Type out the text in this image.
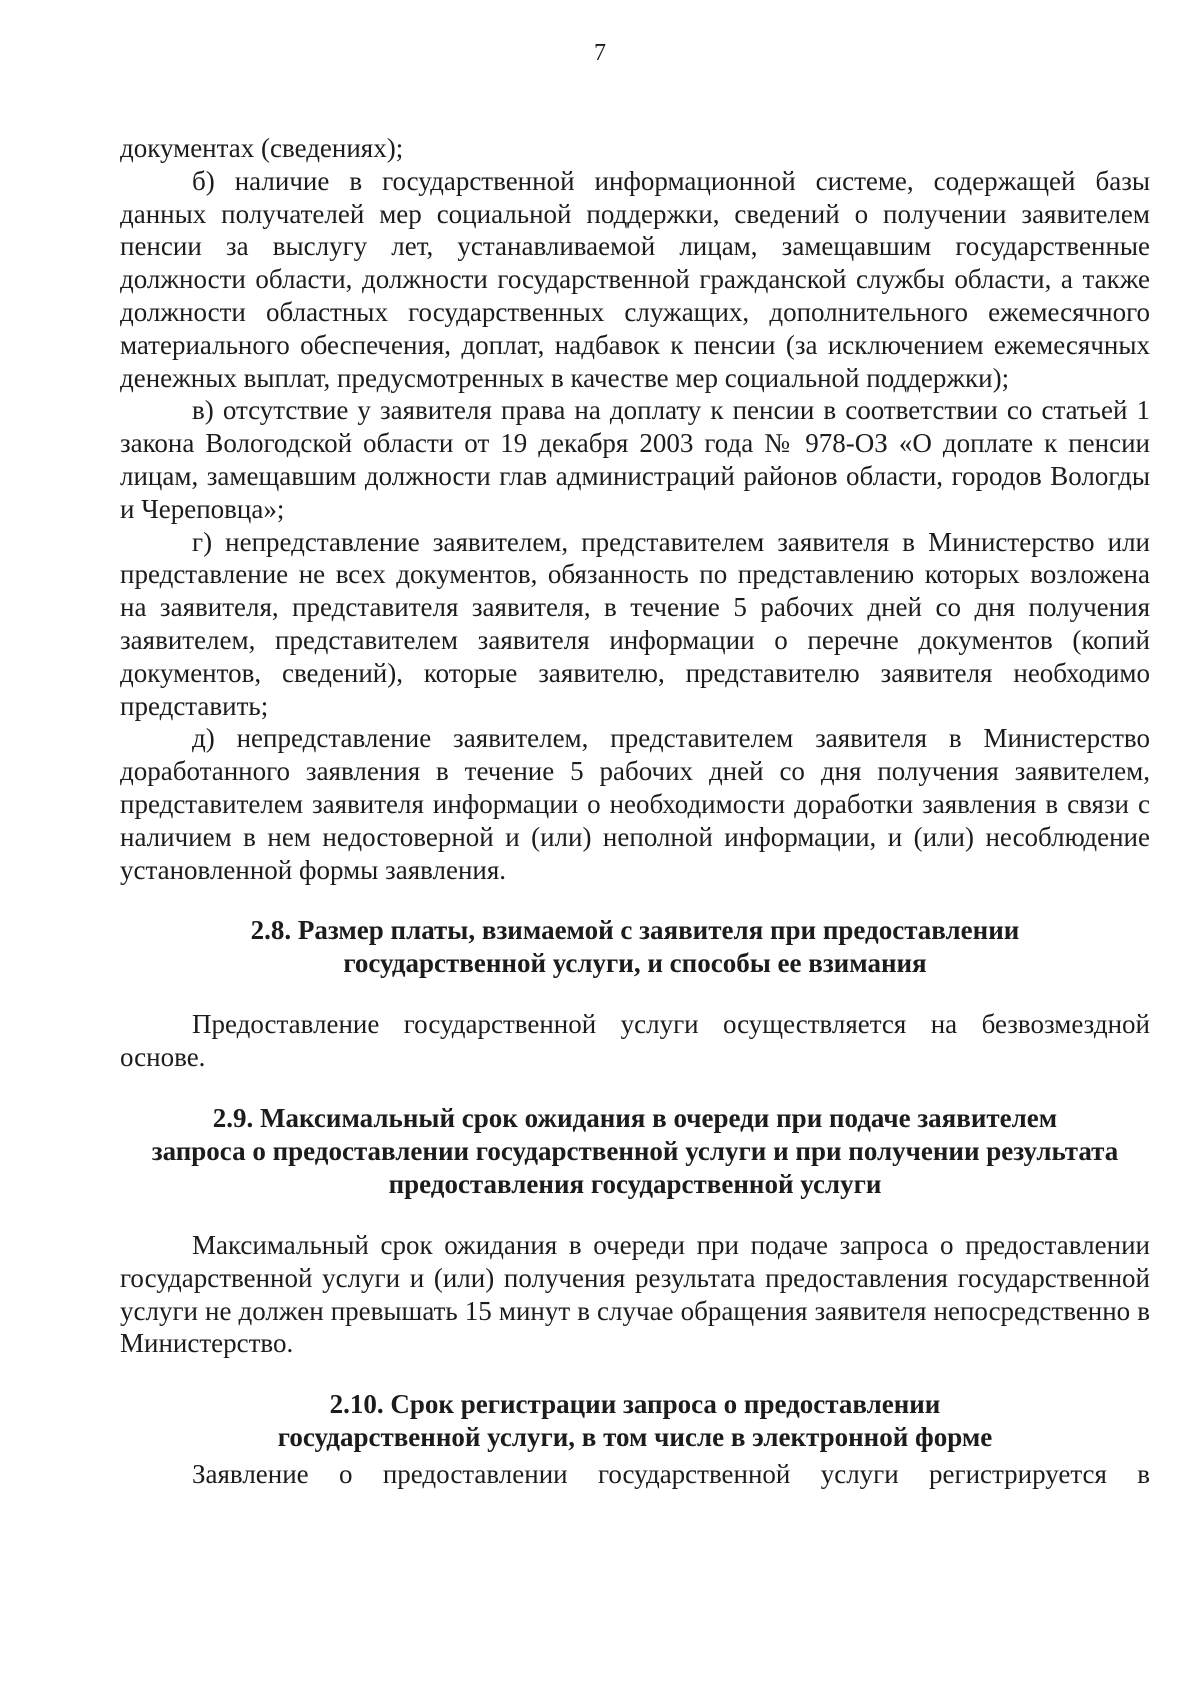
7

документах (сведениях);

б) наличие в государственной информационной системе, содержащей базы данных получателей мер социальной поддержки, сведений о получении заявителем пенсии за выслугу лет, устанавливаемой лицам, замещавшим государственные должности области, должности государственной гражданской службы области, а также должности областных государственных служащих, дополнительного ежемесячного материального обеспечения, доплат, надбавок к пенсии (за исключением ежемесячных денежных выплат, предусмотренных в качестве мер социальной поддержки);

в) отсутствие у заявителя права на доплату к пенсии в соответствии со статьей 1 закона Вологодской области от 19 декабря 2003 года № 978-ОЗ «О доплате к пенсии лицам, замещавшим должности глав администраций районов области, городов Вологды и Череповца»;

г) непредставление заявителем, представителем заявителя в Министерство или представление не всех документов, обязанность по представлению которых возложена на заявителя, представителя заявителя, в течение 5 рабочих дней со дня получения заявителем, представителем заявителя информации о перечне документов (копий документов, сведений), которые заявителю, представителю заявителя необходимо представить;

д) непредставление заявителем, представителем заявителя в Министерство доработанного заявления в течение 5 рабочих дней со дня получения заявителем, представителем заявителя информации о необходимости доработки заявления в связи с наличием в нем недостоверной и (или) неполной информации, и (или) несоблюдение установленной формы заявления.

2.8. Размер платы, взимаемой с заявителя при предоставлении
государственной услуги, и способы ее взимания

Предоставление государственной услуги осуществляется на безвозмездной основе.

2.9. Максимальный срок ожидания в очереди при подаче заявителем
запроса о предоставлении государственной услуги и при получении результата
предоставления государственной услуги

Максимальный срок ожидания в очереди при подаче запроса о предоставлении государственной услуги и (или) получения результата предоставления государственной услуги не должен превышать 15 минут в случае обращения заявителя непосредственно в Министерство.

2.10. Срок регистрации запроса о предоставлении
государственной услуги, в том числе в электронной форме

Заявление о предоставлении государственной услуги регистрируется в
